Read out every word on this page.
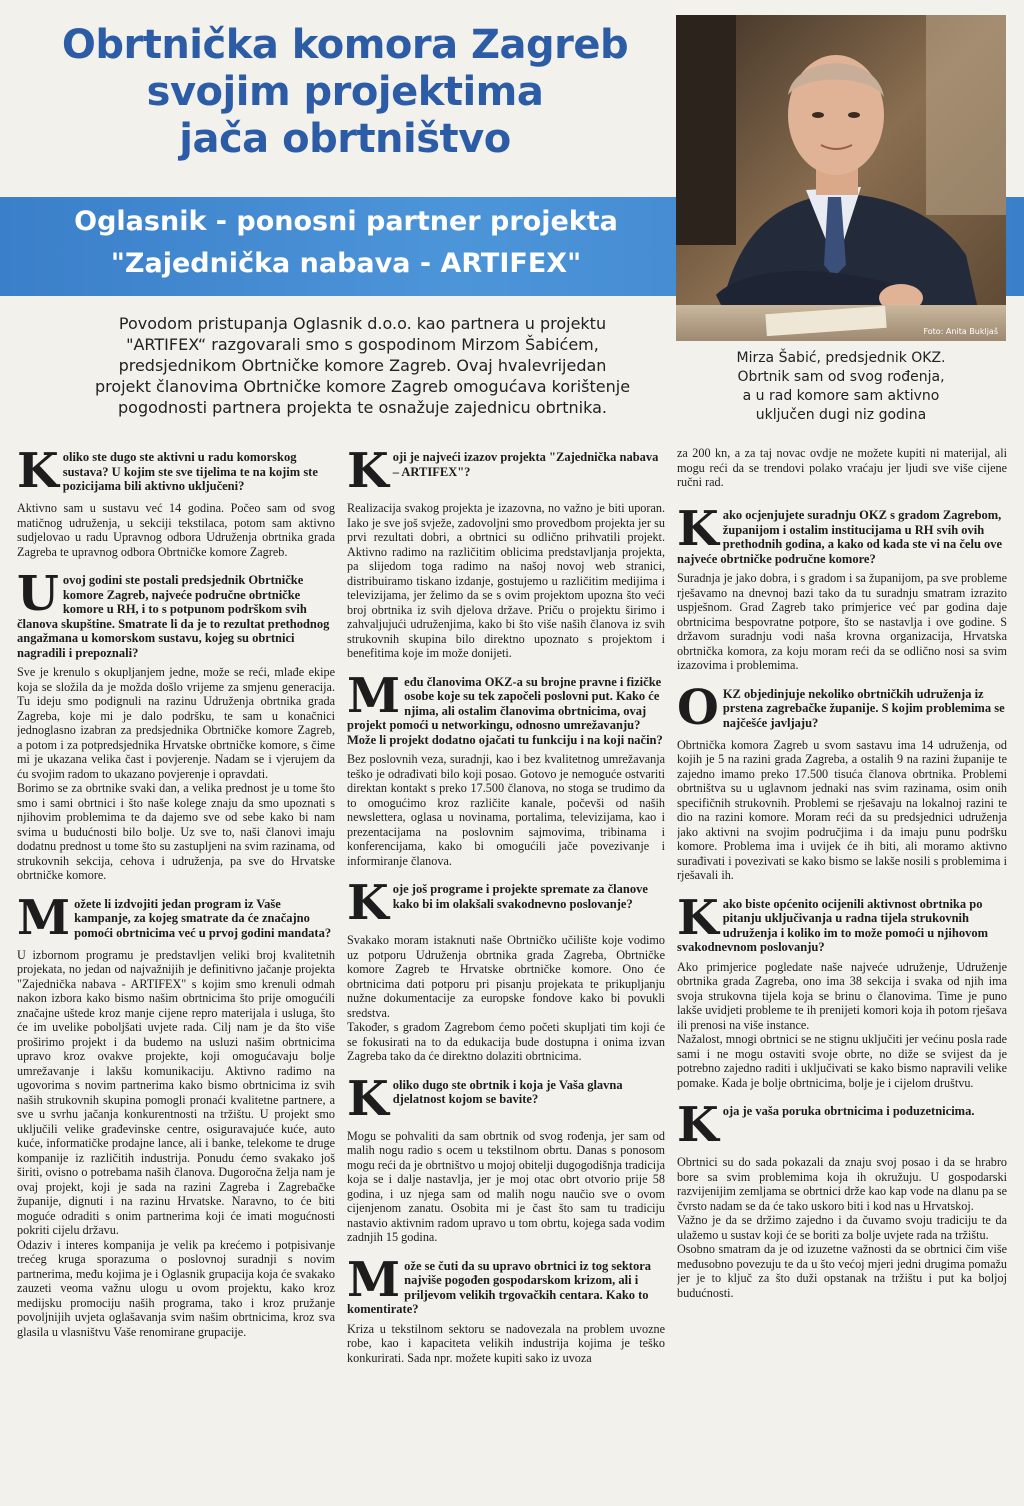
Obrtnička komora Zagreb
svojim projektima
jača obrtništvo
Oglasnik - ponosni partner projekta
"Zajednička nabava - ARTIFEX"
Foto: Anita Bukljaš
Mirza Šabić, predsjednik OKZ.
Obrtnik sam od svog rođenja,
a u rad komore sam aktivno
uključen dugi niz godina
Povodom pristupanja Oglasnik d.o.o. kao partnera u projektu
"ARTIFEX“ razgovarali smo s gospodinom Mirzom Šabićem,
predsjednikom Obrtničke komore Zagreb. Ovaj hvalevrijedan
projekt članovima Obrtničke komore Zagreb omogućava korištenje
pogodnosti partnera projekta te osnažuje zajednicu obrtnika.
Koliko ste dugo ste aktivni u radu komorskog sustava? U kojim ste sve tijelima te na kojim ste pozicijama bili aktivno uključeni?

Aktivno sam u sustavu već 14 godina. Počeo sam od svog matičnog udruženja, u sekciji tekstilaca, potom sam aktivno sudjelovao u radu Upravnog odbora Udruženja obrtnika grada Zagreba te upravnog odbora Obrtničke komore Zagreb.

Uovoj godini ste postali predsjednik Obrtničke komore Zagreb, najveće područne obrtničke komore u RH, i to s potpunom podrškom svih članova skupštine. Smatrate li da je to rezultat prethodnog angažmana u komorskom sustavu, kojeg su obrtnici nagradili i prepoznali?

Sve je krenulo s okupljanjem jedne, može se reći, mlađe ekipe koja se složila da je možda došlo vrijeme za smjenu generacija. Tu ideju smo podignuli na razinu Udruženja obrtnika grada Zagreba, koje mi je dalo podršku, te sam u konačnici jednoglasno izabran za predsjednika Obrtničke komore Zagreb, a potom i za potpredsjednika Hrvatske obrtničke komore, s čime mi je ukazana velika čast i povjerenje. Nadam se i vjerujem da ću svojim radom to ukazano povjerenje i opravdati.

Borimo se za obrtnike svaki dan, a velika prednost je u tome što smo i sami obrtnici i što naše kolege znaju da smo upoznati s njihovim problemima te da dajemo sve od sebe kako bi nam svima u budućnosti bilo bolje. Uz sve to, naši članovi imaju dodatnu prednost u tome što su zastupljeni na svim razinama, od strukovnih sekcija, cehova i udruženja, pa sve do Hrvatske obrtničke komore.

Možete li izdvojiti jedan program iz Vaše kampanje, za kojeg smatrate da će značajno pomoći obrtnicima već u prvoj godini mandata?

U izbornom programu je predstavljen veliki broj kvalitetnih projekata, no jedan od najvažnijih je definitivno jačanje projekta "Zajednička nabava - ARTIFEX" s kojim smo krenuli odmah nakon izbora kako bismo našim obrtnicima što prije omogućili značajne uštede kroz manje cijene repro materijala i usluga, što će im uvelike poboljšati uvjete rada. Cilj nam je da što više proširimo projekt i da budemo na usluzi našim obrtnicima upravo kroz ovakve projekte, koji omogućavaju bolje umrežavanje i lakšu komunikaciju. Aktivno radimo na ugovorima s novim partnerima kako bismo obrtnicima iz svih naših strukovnih skupina pomogli pronaći kvalitetne partnere, a sve u svrhu jačanja konkurentnosti na tržištu. U projekt smo uključili velike građevinske centre, osiguravajuće kuće, auto kuće, informatičke prodajne lance, ali i banke, telekome te druge kompanije iz različitih industrija. Ponudu ćemo svakako još širiti, ovisno o potrebama naših članova. Dugoročna želja nam je ovaj projekt, koji je sada na razini Zagreba i Zagrebačke županije, dignuti i na razinu Hrvatske. Naravno, to će biti moguće odraditi s onim partnerima koji će imati mogućnosti pokriti cijelu državu.

Odaziv i interes kompanija je velik pa krećemo i potpisivanje trećeg kruga sporazuma o poslovnoj suradnji s novim partnerima, među kojima je i Oglasnik grupacija koja će svakako zauzeti veoma važnu ulogu u ovom projektu, kako kroz medijsku promociju naših programa, tako i kroz pružanje povoljnijih uvjeta oglašavanja svim našim obrtnicima, kroz sva glasila u vlasništvu Vaše renomirane grupacije.

Koji je najveći izazov projekta "Zajednička nabava – ARTIFEX"?

Realizacija svakog projekta je izazovna, no važno je biti uporan. Iako je sve još svježe, zadovoljni smo provedbom projekta jer su prvi rezultati dobri, a obrtnici su odlično prihvatili projekt. Aktivno radimo na različitim oblicima predstavljanja projekta, pa slijedom toga radimo na našoj novoj web stranici, distribuiramo tiskano izdanje, gostujemo u različitim medijima i televizijama, jer želimo da se s ovim projektom upozna što veći broj obrtnika iz svih djelova države. Priču o projektu širimo i zahvaljujući udruženjima, kako bi što više naših članova iz svih strukovnih skupina bilo direktno upoznato s projektom i benefitima koje im može donijeti.

Među članovima OKZ-a su brojne pravne i fizičke osobe koje su tek započeli poslovni put. Kako će njima, ali ostalim članovima obrtnicima, ovaj projekt pomoći u networkingu, odnosno umrežavanju? Može li projekt dodatno ojačati tu funkciju i na koji način?

Bez poslovnih veza, suradnji, kao i bez kvalitetnog umrežavanja teško je odrađivati bilo koji posao. Gotovo je nemoguće ostvariti direktan kontakt s preko 17.500 članova, no stoga se trudimo da to omogućimo kroz različite kanale, počevši od naših newslettera, oglasa u novinama, portalima, televizijama, kao i prezentacijama na poslovnim sajmovima, tribinama i konferencijama, kako bi omogućili jače povezivanje i informiranje članova.

Koje još programe i projekte spremate za članove kako bi im olakšali svakodnevno poslovanje?

Svakako moram istaknuti naše Obrtničko učilište koje vodimo uz potporu Udruženja obrtnika grada Zagreba, Obrtničke komore Zagreb te Hrvatske obrtničke komore. Ono će obrtnicima dati potporu pri pisanju projekata te prikupljanju nužne dokumentacije za europske fondove kako bi povukli sredstva.

Također, s gradom Zagrebom ćemo početi skupljati tim koji će se fokusirati na to da edukacija bude dostupna i onima izvan Zagreba tako da će direktno dolaziti obrtnicima.

Koliko dugo ste obrtnik i koja je Vaša glavna djelatnost kojom se bavite?

Mogu se pohvaliti da sam obrtnik od svog rođenja, jer sam od malih nogu radio s ocem u tekstilnom obrtu. Danas s ponosom mogu reći da je obrtništvo u mojoj obitelji dugogodišnja tradicija koja se i dalje nastavlja, jer je moj otac obrt otvorio prije 58 godina, i uz njega sam od malih nogu naučio sve o ovom cijenjenom zanatu. Osobita mi je čast što sam tu tradiciju nastavio aktivnim radom upravo u tom obrtu, kojega sada vodim zadnjih 15 godina.

Može se čuti da su upravo obrtnici iz tog sektora najviše pogođen gospodarskom krizom, ali i priljevom velikih trgovačkih centara. Kako to komentirate?

Kriza u tekstilnom sektoru se nadovezala na problem uvozne robe, kao i kapaciteta velikih industrija kojima je teško konkurirati. Sada npr. možete kupiti sako iz uvoza

za 200 kn, a za taj novac ovdje ne možete kupiti ni materijal, ali mogu reći da se trendovi polako vraćaju jer ljudi sve više cijene ručni rad.

Kako ocjenjujete suradnju OKZ s gradom Zagrebom, županijom i ostalim institucijama u RH svih ovih prethodnih godina, a kako od kada ste vi na čelu ove najveće obrtničke područne komore?

Suradnja je jako dobra, i s gradom i sa županijom, pa sve probleme rješavamo na dnevnoj bazi tako da tu suradnju smatram izrazito uspješnom. Grad Zagreb tako primjerice već par godina daje obrtnicima bespovratne potpore, što se nastavlja i ove godine. S državom suradnju vodi naša krovna organizacija, Hrvatska obrtnička komora, za koju moram reći da se odlično nosi sa svim izazovima i problemima.

OKZ objedinjuje nekoliko obrtničkih udruženja iz prstena zagrebačke županije. S kojim problemima se najčešće javljaju?

Obrtnička komora Zagreb u svom sastavu ima 14 udruženja, od kojih je 5 na razini grada Zagreba, a ostalih 9 na razini županije te zajedno imamo preko 17.500 tisuća članova obrtnika. Problemi obrtništva su u uglavnom jednaki nas svim razinama, osim onih specifičnih strukovnih. Problemi se rješavaju na lokalnoj razini te dio na razini komore. Moram reći da su predsjednici udruženja jako aktivni na svojim područjima i da imaju punu podršku komore. Problema ima i uvijek će ih biti, ali moramo aktivno surađivati i povezivati se kako bismo se lakše nosili s problemima i rješavali ih.

Kako biste općenito ocijenili aktivnost obrtnika po pitanju uključivanja u radna tijela strukovnih udruženja i koliko im to može pomoći u njihovom svakodnevnom poslovanju?

Ako primjerice pogledate naše najveće udruženje, Udruženje obrtnika grada Zagreba, ono ima 38 sekcija i svaka od njih ima svoja strukovna tijela koja se brinu o članovima. Time je puno lakše uvidjeti probleme te ih prenijeti komori koja ih potom rješava ili prenosi na više instance.

Nažalost, mnogi obrtnici se ne stignu uključiti jer većinu posla rade sami i ne mogu ostaviti svoje obrte, no diže se svijest da je potrebno zajedno raditi i uključivati se kako bismo napravili velike pomake. Kada je bolje obrtnicima, bolje je i cijelom društvu.

Koja je vaša poruka obrtnicima i poduzetnicima.

Obrtnici su do sada pokazali da znaju svoj posao i da se hrabro bore sa svim problemima koja ih okružuju. U gospodarski razvijenijim zemljama se obrtnici drže kao kap vode na dlanu pa se čvrsto nadam se da će tako uskoro biti i kod nas u Hrvatskoj.

Važno je da se držimo zajedno i da čuvamo svoju tradiciju te da ulažemo u sustav koji će se boriti za bolje uvjete rada na tržištu.

Osobno smatram da je od izuzetne važnosti da se obrtnici čim više međusobno povezuju te da u što većoj mjeri jedni drugima pomažu jer je to ključ za što duži opstanak na tržištu i put ka boljoj budućnosti.
